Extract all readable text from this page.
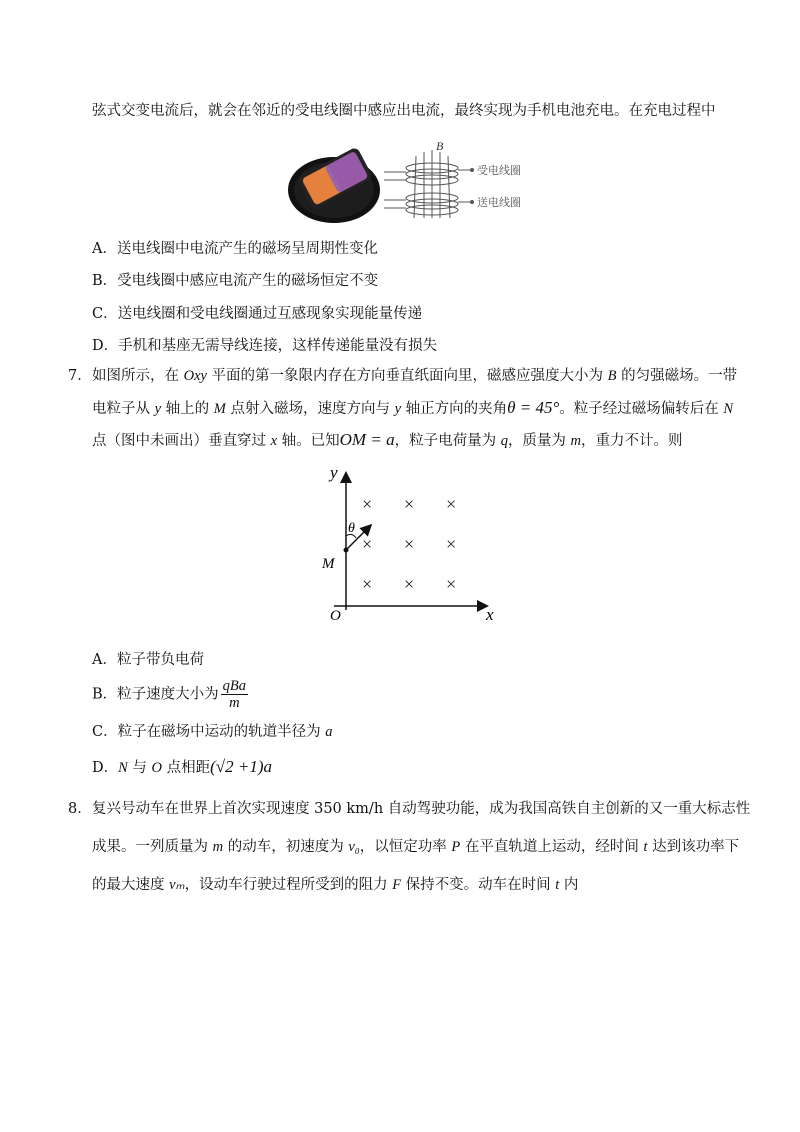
弦式交变电流后，就会在邻近的受电线圈中感应出电流，最终实现为手机电池充电。在充电过程中
B
受电线圈
送电线圈
A．送电线圈中电流产生的磁场呈周期性变化
B．受电线圈中感应电流产生的磁场恒定不变
C．送电线圈和受电线圈通过互感现象实现能量传递
D．手机和基座无需导线连接，这样传递能量没有损失
7． 如图所示，在 Oxy 平面的第一象限内存在方向垂直纸面向里，磁感应强度大小为 B 的匀强磁场。一带
电粒子从 y 轴上的 M 点射入磁场，速度方向与 y 轴正方向的夹角θ = 45°。粒子经过磁场偏转后在 N
点（图中未画出）垂直穿过 x 轴。已知OM = a，粒子电荷量为 q，质量为 m，重力不计。则
y
x
M
O
θ
× × ×
× × ×
× × ×
A．粒子带负电荷
B．粒子速度大小为 $\frac{\text{qBa}}{m}$
C．粒子在磁场中运动的轨道半径为 a
D．N 与 O 点相距(√2 +1)a
8． 复兴号动车在世界上首次实现速度 350 km/h 自动驾驶功能，成为我国高铁自主创新的又一重大标志性
成果。一列质量为 m 的动车，初速度为 v₀，以恒定功率 P 在平直轨道上运动，经时间 t 达到该功率下
的最大速度 vₘ，设动车行驶过程所受到的阻力 F 保持不变。动车在时间 t 内
